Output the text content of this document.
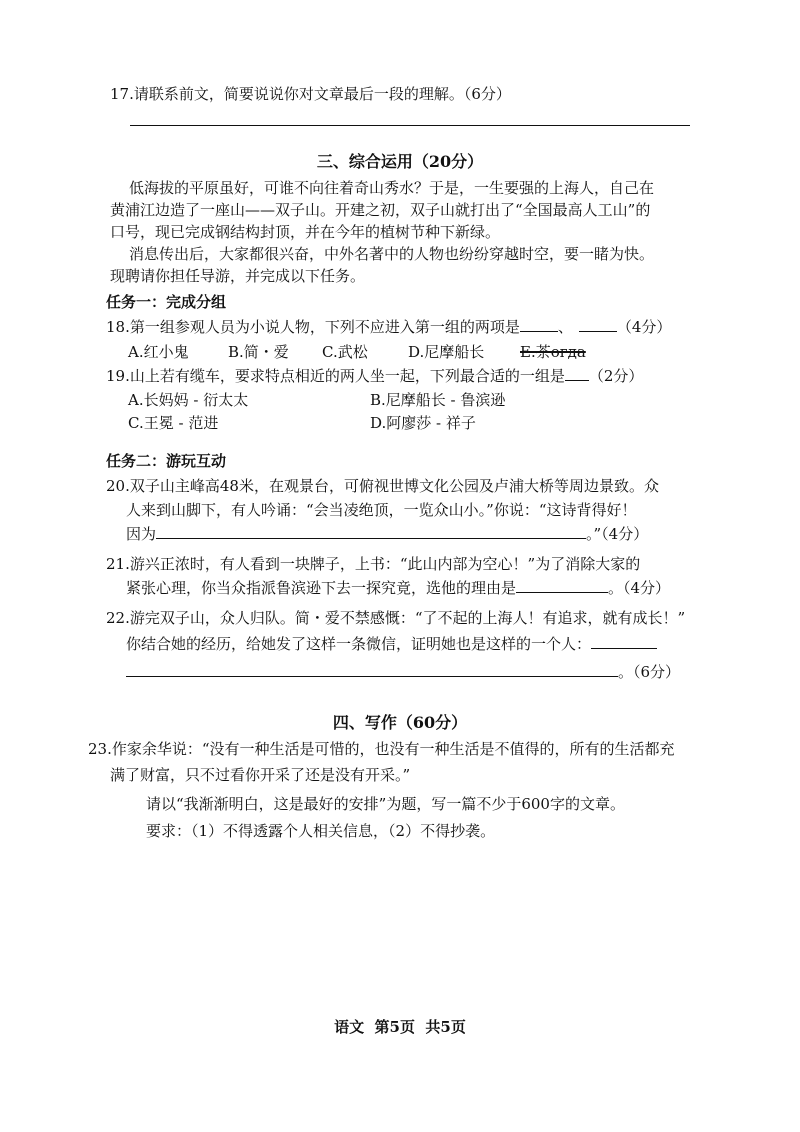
17.请联系前文，简要说说你对文章最后一段的理解。（6分）
三、综合运用（20分）
低海拔的平原虽好，可谁不向往着奇山秀水？于是，一生要强的上海人，自己在
黄浦江边造了一座山——双子山。开建之初，双子山就打出了“全国最高人工山”的
口号，现已完成钢结构封顶，并在今年的植树节种下新绿。
消息传出后，大家都很兴奋，中外名著中的人物也纷纷穿越时空，要一睹为快。
现聘请你担任导游，并完成以下任务。
任务一：完成分组
18.第一组参观人员为小说人物，下列不应进入第一组的两项是	、	（4分）
A.红小鬼	B.简・爱 C.武松	D.尼摩船长 E.茶огда
19.山上若有缆车，要求特点相近的两人坐一起，下列最合适的一组是 （2分）
A.长妈妈 - 衍太太	B.尼摩船长 - 鲁滨逊
C.王冕 - 范进	D.阿廖莎 - 祥子
任务二：游玩互动
20.双子山主峰高48米，在观景台，可俯视世博文化公园及卢浦大桥等周边景致。众
人来到山脚下，有人吟诵：“会当凌绝顶，一览众山小。”你说：“这诗背得好！
因为	。”（4分）
21.游兴正浓时，有人看到一块牌子，上书：“此山内部为空心！”为了消除大家的
紧张心理，你当众指派鲁滨逊下去一探究竟，选他的理由是	。（4分）
22.游完双子山，众人归队。简・爱不禁感慨：“了不起的上海人！有追求，就有成长！”
你结合她的经历，给她发了这样一条微信，证明她也是这样的一个人：
。（6分）
四、写作（60分）
23.作家余华说：“没有一种生活是可惜的，也没有一种生活是不值得的，所有的生活都充
满了财富，只不过看你开采了还是没有开采。”
请以“我渐渐明白，这是最好的安排”为题，写一篇不少于600字的文章。
要求：（1）不得透露个人相关信息，（2）不得抄袭。
语文  第5页  共5页
